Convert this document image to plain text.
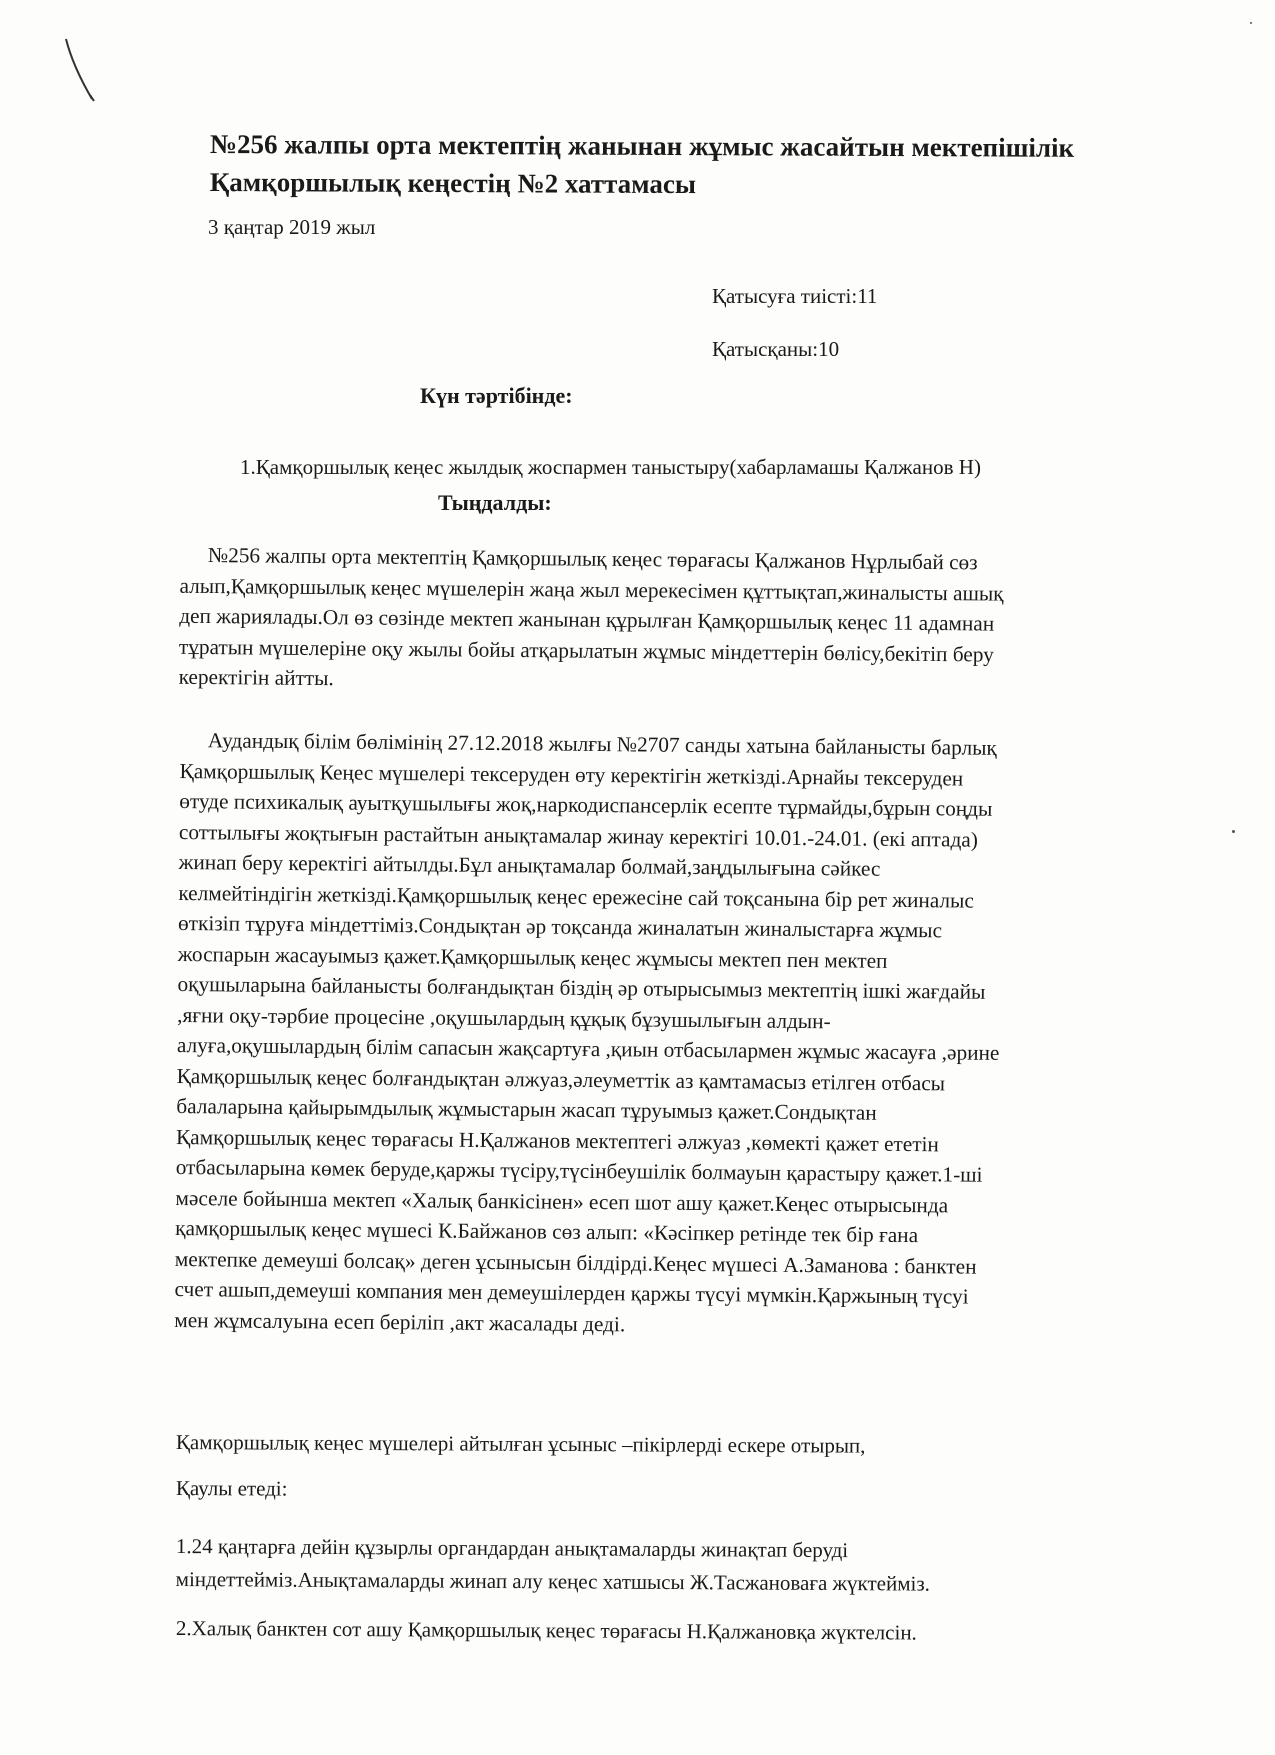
№256 жалпы орта мектептің жанынан жұмыс жасайтын мектепішілік
Қамқоршылық кеңестің №2 хаттамасы
3 қаңтар 2019 жыл
Қатысуға тиісті:11
Қатысқаны:10
Күн тәртібінде:
1.Қамқоршылық кеңес жылдық жоспармен таныстыру(хабарламашы Қалжанов Н)
Тыңдалды:
№256 жалпы орта мектептің Қамқоршылық кеңес төрағасы Қалжанов Нұрлыбай сөз
алып,Қамқоршылық кеңес мүшелерін жаңа жыл мерекесімен құттықтап,жиналысты ашық
деп жариялады.Ол өз сөзінде мектеп жанынан құрылған Қамқоршылық кеңес 11 адамнан
тұратын мүшелеріне оқу жылы бойы атқарылатын жұмыс міндеттерін бөлісу,бекітіп беру
керектігін айтты.
Аудандық білім бөлімінің 27.12.2018 жылғы №2707 санды хатына байланысты барлық
Қамқоршылық Кеңес мүшелері тексеруден өту керектігін жеткізді.Арнайы тексеруден
өтуде психикалық ауытқушылығы жоқ,наркодиспансерлік есепте тұрмайды,бұрын соңды
соттылығы жоқтығын растайтын анықтамалар жинау керектігі 10.01.-24.01. (екі аптада)
жинап беру керектігі айтылды.Бұл анықтамалар болмай,заңдылығына сәйкес
келмейтіндігін жеткізді.Қамқоршылық кеңес ережесіне сай тоқсанына бір рет жиналыс
өткізіп тұруға міндеттіміз.Сондықтан әр тоқсанда жиналатын жиналыстарға жұмыс
жоспарын жасауымыз қажет.Қамқоршылық кеңес жұмысы мектеп пен мектеп
оқушыларына байланысты болғандықтан біздің әр отырысымыз мектептің ішкі жағдайы
,яғни оқу-тәрбие процесіне ,оқушылардың құқық бұзушылығын алдын-
алуға,оқушылардың білім сапасын жақсартуға ,қиын отбасылармен жұмыс жасауға ,әрине
Қамқоршылық кеңес болғандықтан әлжуаз,әлеуметтік аз қамтамасыз етілген отбасы
балаларына қайырымдылық жұмыстарын жасап тұруымыз қажет.Сондықтан
Қамқоршылық кеңес төрағасы Н.Қалжанов мектептегі әлжуаз ,көмекті қажет ететін
отбасыларына көмек беруде,қаржы түсіру,түсінбеушілік болмауын қарастыру қажет.1-ші
мәселе бойынша мектеп «Халық банкісінен» есеп шот ашу қажет.Кеңес отырысында
қамқоршылық кеңес мүшесі К.Байжанов сөз алып: «Кәсіпкер ретінде тек бір ғана
мектепке демеуші болсақ» деген ұсынысын білдірді.Кеңес мүшесі А.Заманова : банктен
счет ашып,демеуші компания мен демеушілерден қаржы түсуі мүмкін.Қаржының түсуі
мен жұмсалуына есеп беріліп ,акт жасалады деді.
Қамқоршылық кеңес мүшелері айтылған ұсыныс –пікірлерді ескере отырып,
Қаулы етеді:
1.24 қаңтарға дейін құзырлы органдардан анықтамаларды жинақтап беруді
міндеттейміз.Анықтамаларды жинап алу кеңес хатшысы Ж.Тасжановаға жүктейміз.
2.Халық банктен сот ашу Қамқоршылық кеңес төрағасы Н.Қалжановқа жүктелсін.
